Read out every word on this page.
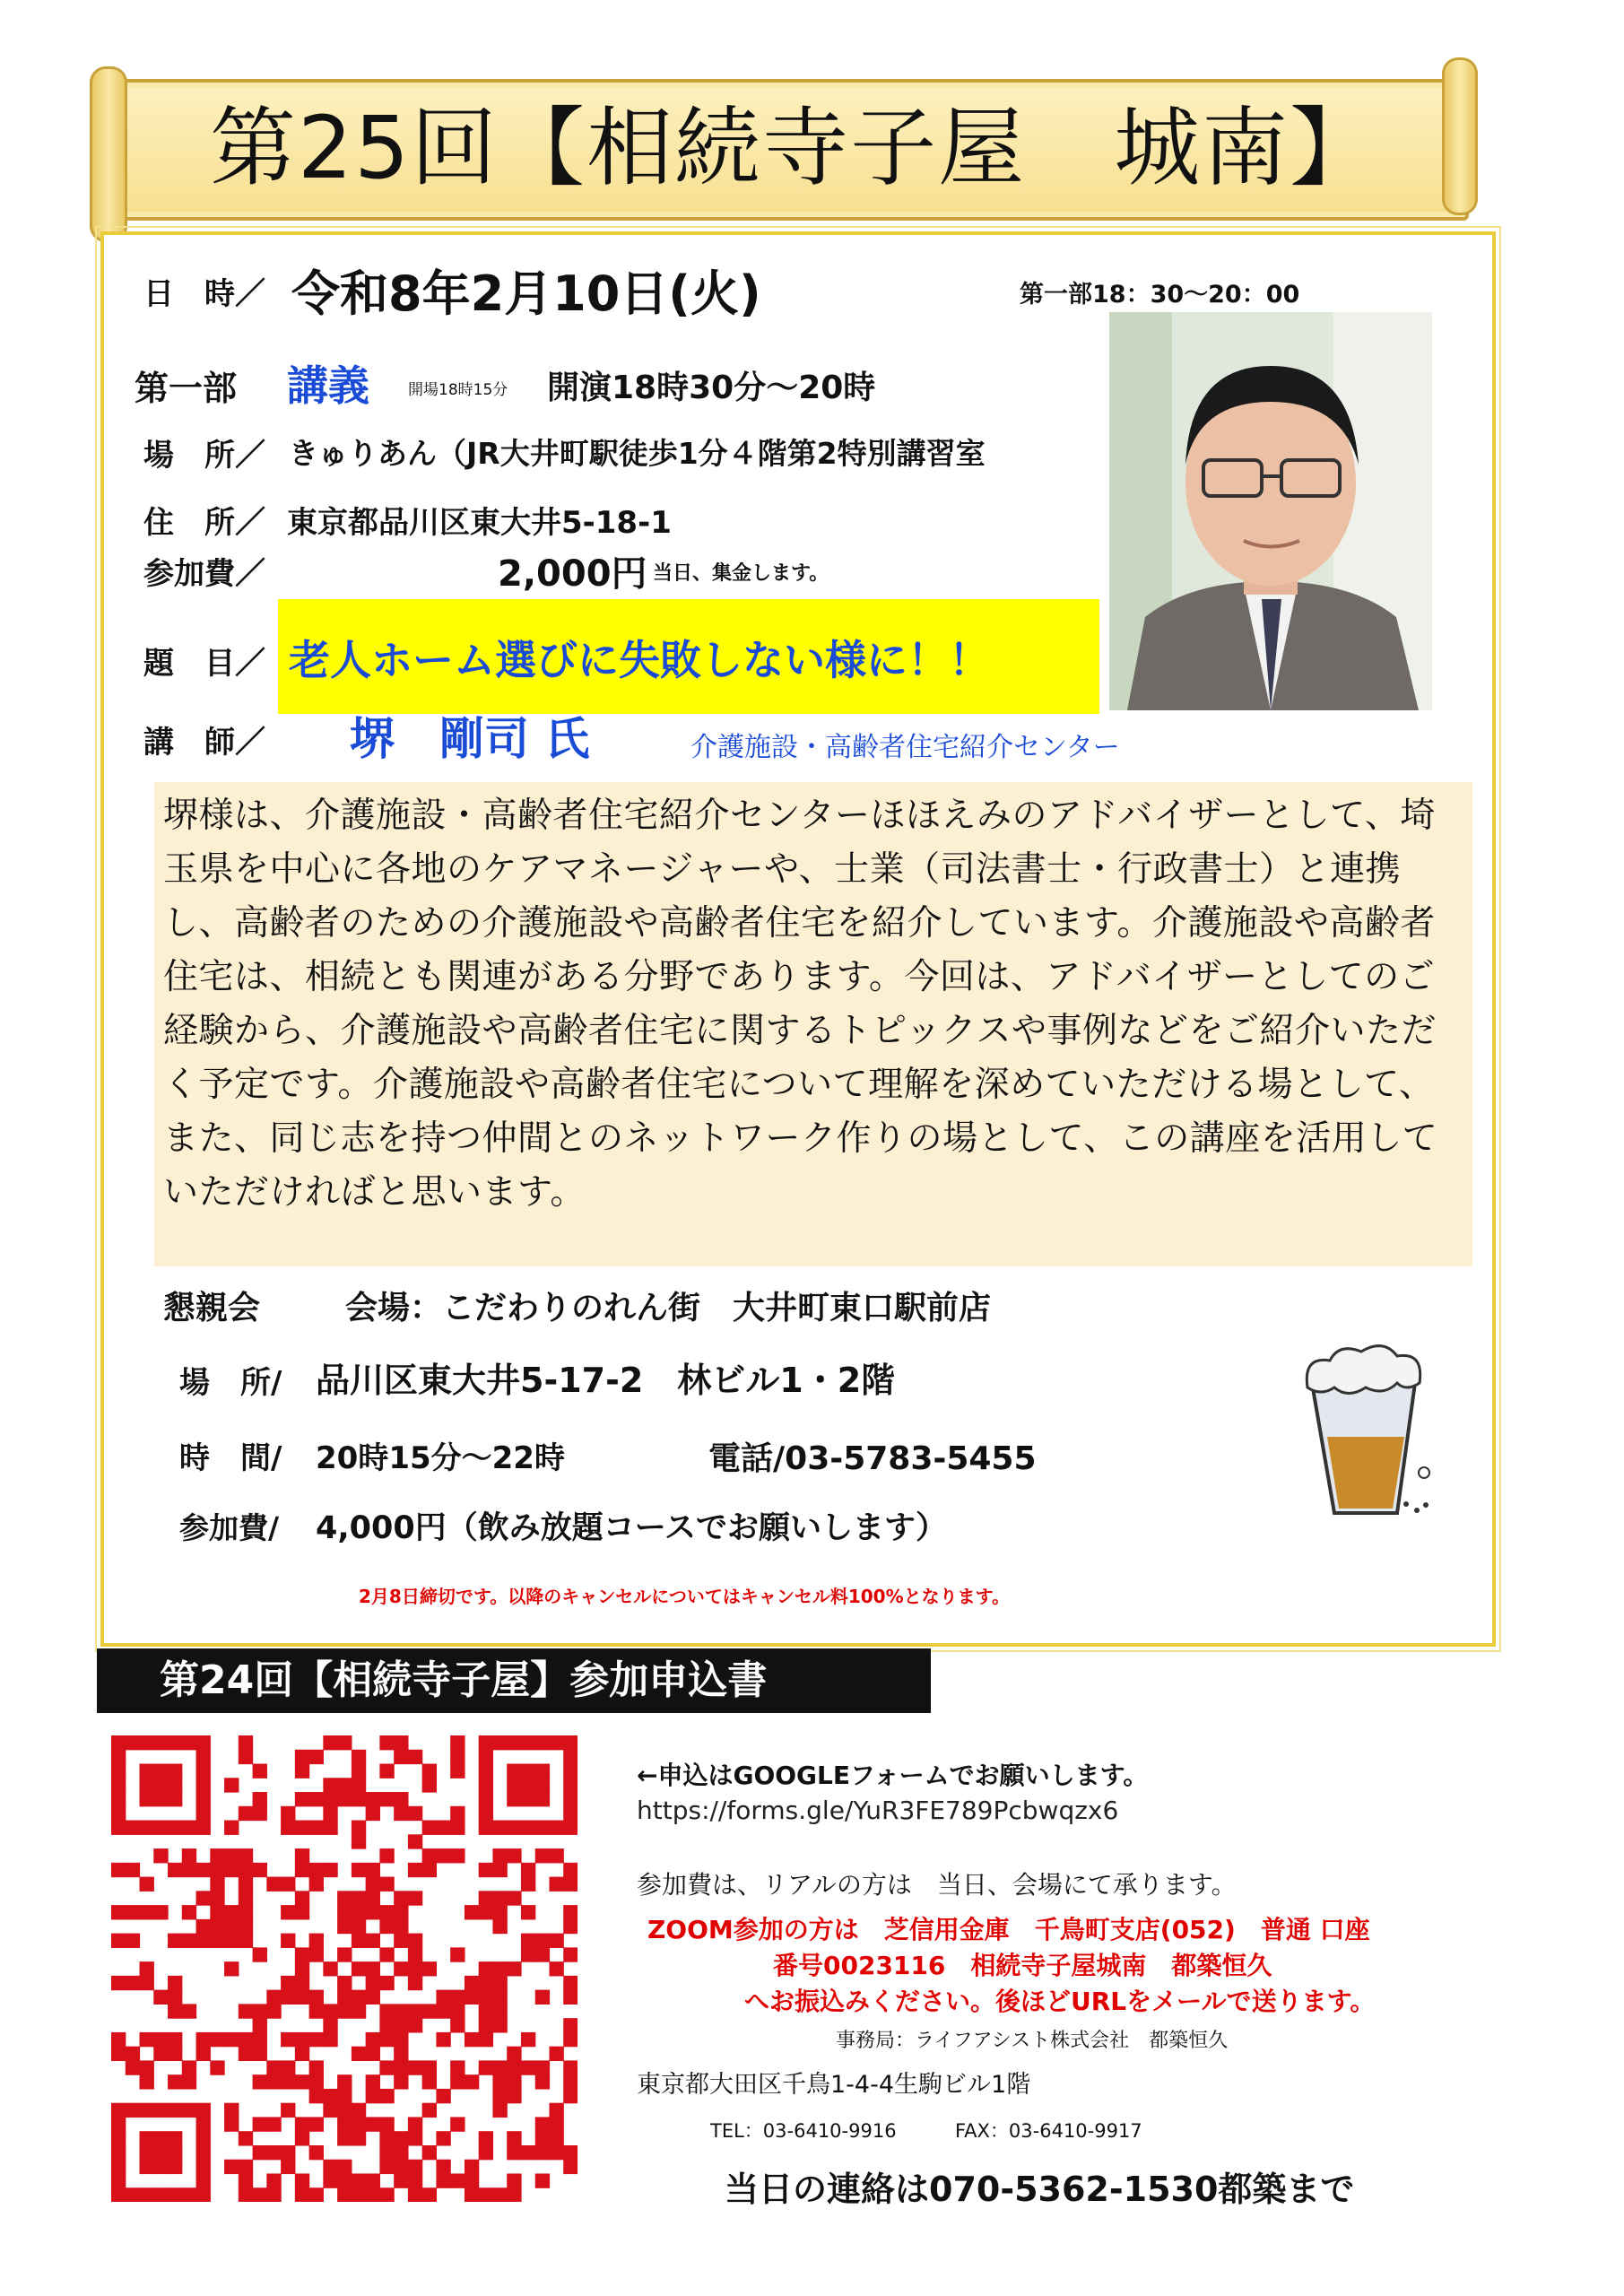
第25回【相続寺子屋　城南】
日　時／ 令和8年2月10日(火)	第一部18：30〜20：00
第一部 講義	開場18時15分 開演18時30分〜20時
場　所／ きゅりあん（JR大井町駅徒歩1分４階第2特別講習室
住　所／ 東京都品川区東大井5-18-1
参加費／	2,000円 当日、集金します。
題　目／ 老人ホーム選びに失敗しない様に！！
講　師／ 堺　剛司 氏	介護施設・高齢者住宅紹介センター
堺様は、介護施設・高齢者住宅紹介センターほほえみのアドバイザーとして、埼玉県を中心に各地のケアマネージャーや、士業（司法書士・行政書士）と連携し、高齢者のための介護施設や高齢者住宅を紹介しています。介護施設や高齢者住宅は、相続とも関連がある分野であります。今回は、アドバイザーとしてのご経験から、介護施設や高齢者住宅に関するトピックスや事例などをご紹介いただく予定です。介護施設や高齢者住宅について理解を深めていただける場として、また、同じ志を持つ仲間とのネットワーク作りの場として、この講座を活用していただければと思います。
懇親会	会場：こだわりのれん街　大井町東口駅前店
場　所/ 品川区東大井5-17-2　林ビル1・2階
時　間/ 20時15分〜22時	電話/03-5783-5455
参加費/ 4,000円（飲み放題コースでお願いします）
2月8日締切です。以降のキャンセルについてはキャンセル料100%となります。
第24回【相続寺子屋】参加申込書
←申込はGOOGLEフォームでお願いします。
https://forms.gle/YuR3FE789Pcbwqzx6
参加費は、リアルの方は　当日、会場にて承ります。
ZOOM参加の方は　芝信用金庫　千鳥町支店(052)　普通 口座
番号0023116　相続寺子屋城南　都築恒久
へお振込みください。後ほどURLをメールで送ります。
事務局：ライフアシスト株式会社　都築恒久
東京都大田区千鳥1-4-4生駒ビル1階
TEL：03-6410-9916	FAX：03-6410-9917
当日の連絡は070-5362-1530都築まで
